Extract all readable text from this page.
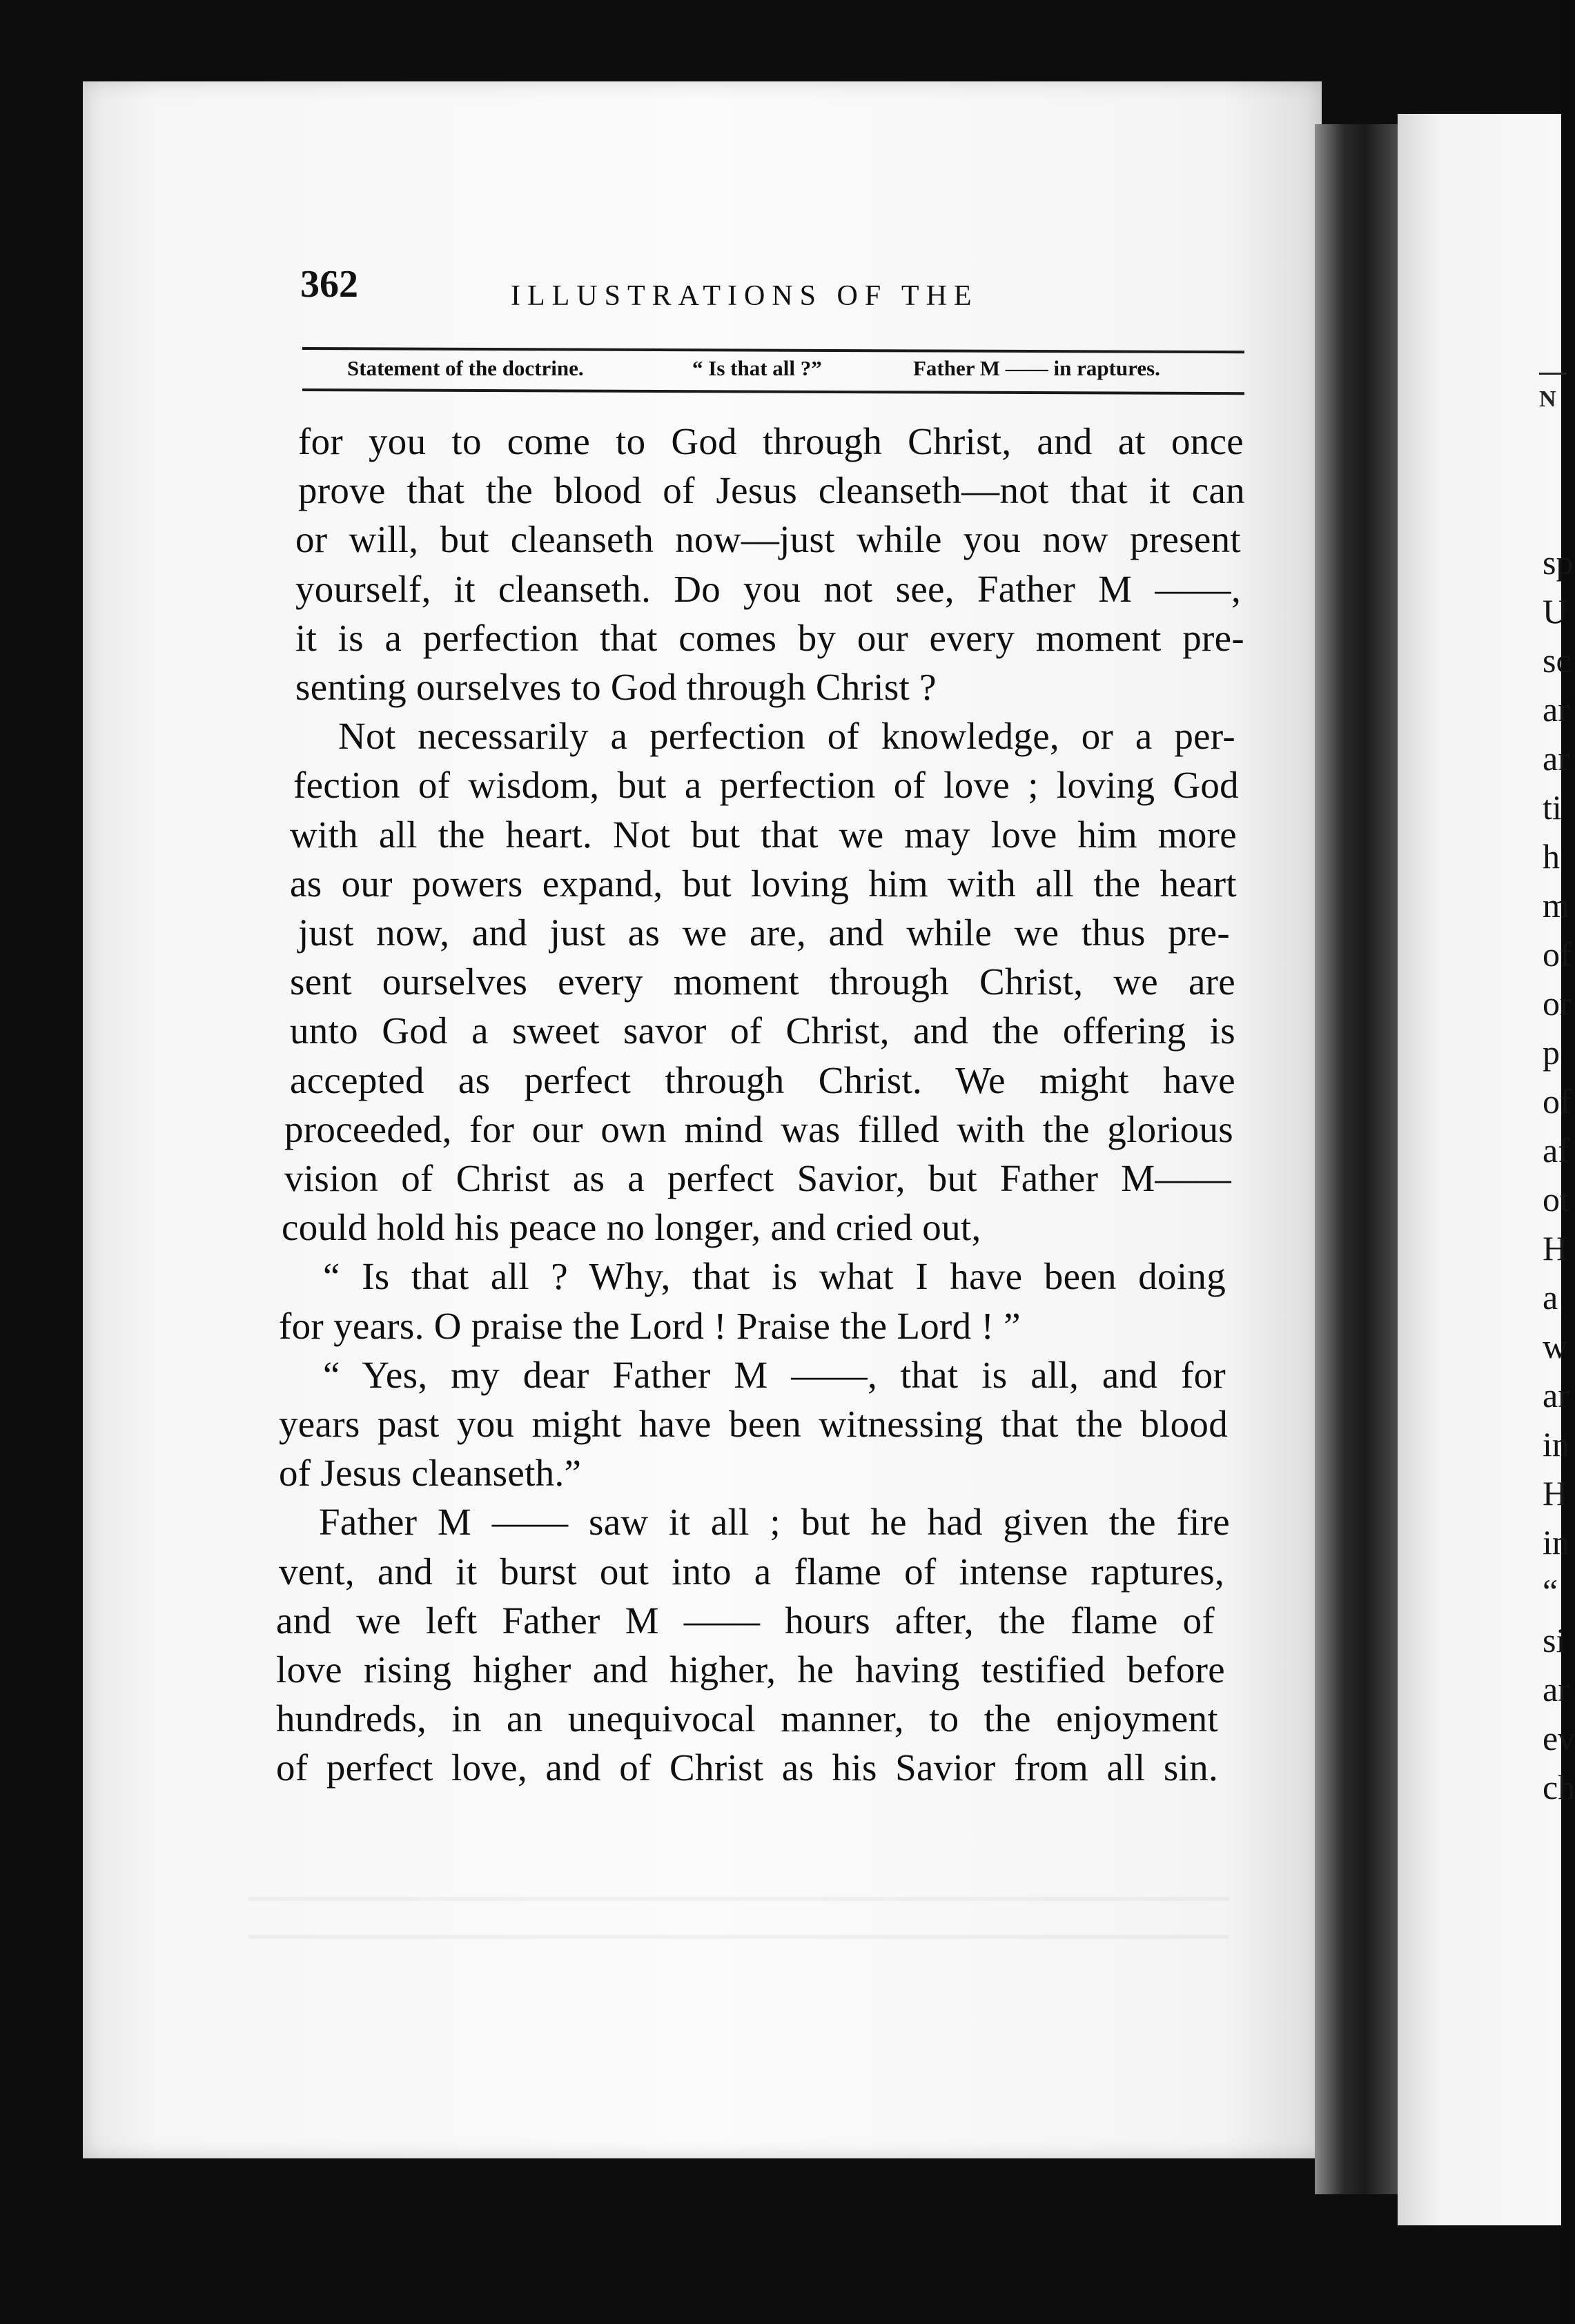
N
sp
U
sc
ar
ar
ti
h
m
of
or
p
of
af
ot
H
a
w
ar
in
H
in
“
si
ar
ev
ch
362	ILLUSTRATIONS OF THE
Statement of the doctrine.	“ Is that all ?”	Father M —— in raptures.
for you to come to God through Christ, and at once
prove that the blood of Jesus cleanseth—not that it can
or will, but cleanseth now—just while you now present
yourself, it cleanseth. Do you not see, Father M ——,
it is a perfection that comes by our every moment pre-
senting ourselves to God through Christ ?
Not necessarily a perfection of knowledge, or a per-
fection of wisdom, but a perfection of love ; loving God
with all the heart. Not but that we may love him more
as our powers expand, but loving him with all the heart
just now, and just as we are, and while we thus pre-
sent ourselves every moment through Christ, we are
unto God a sweet savor of Christ, and the offering is
accepted as perfect through Christ. We might have
proceeded, for our own mind was filled with the glorious
vision of Christ as a perfect Savior, but Father M——
could hold his peace no longer, and cried out,
“ Is that all ? Why, that is what I have been doing
for years. O praise the Lord ! Praise the Lord ! ”
“ Yes, my dear Father M ——, that is all, and for
years past you might have been witnessing that the blood
of Jesus cleanseth.”
Father M —— saw it all ; but he had given the fire
vent, and it burst out into a flame of intense raptures,
and we left Father M —— hours after, the flame of
love rising higher and higher, he having testified before
hundreds, in an unequivocal manner, to the enjoyment
of perfect love, and of Christ as his Savior from all sin.
